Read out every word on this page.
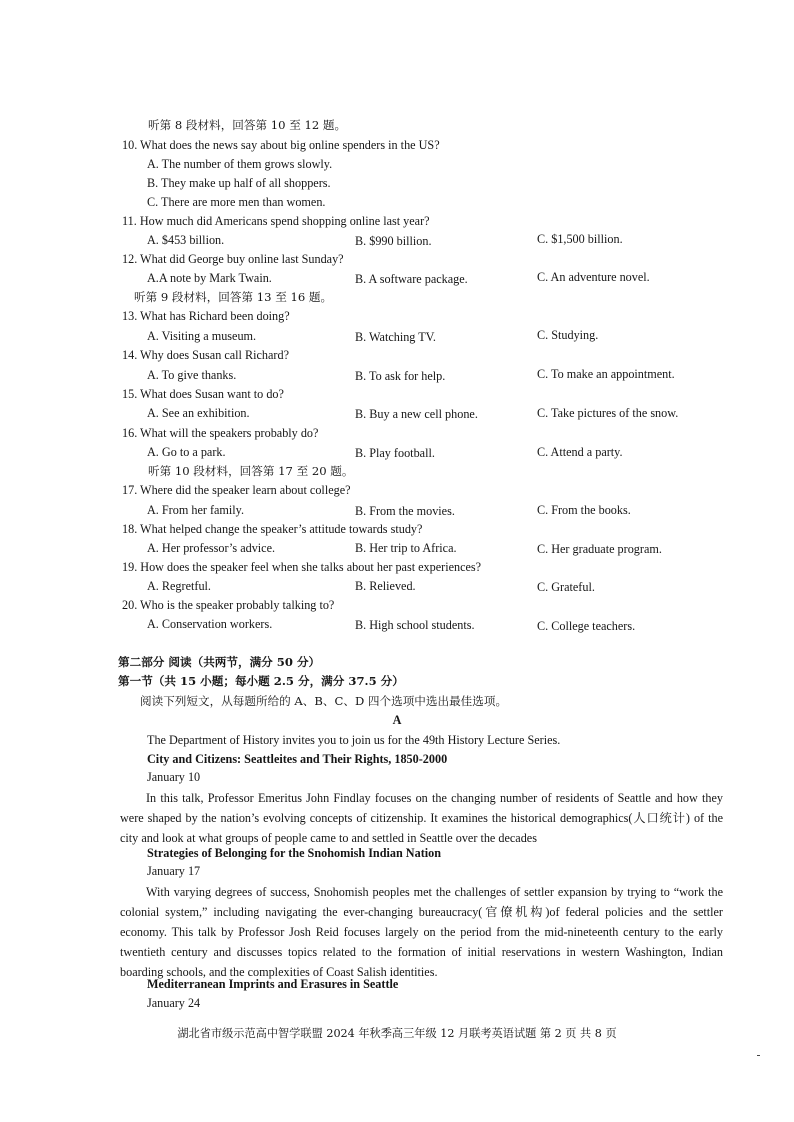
听第 8 段材料，回答第 10 至 12 题。
10. What does the news say about big online spenders in the US?
A. The number of them grows slowly.
B. They make up half of all shoppers.
C. There are more men than women.
11. How much did Americans spend shopping online last year?
A. $453 billion.	B. $990 billion.	C. $1,500 billion.
12. What did George buy online last Sunday?
A.A note by Mark Twain.	B. A software package.	C. An adventure novel.
听第 9 段材料，回答第 13 至 16 题。
13. What has Richard been doing?
A. Visiting a museum.	B. Watching TV.	C. Studying.
14. Why does Susan call Richard?
A. To give thanks.	B. To ask for help.	C. To make an appointment.
15. What does Susan want to do?
A. See an exhibition.	B. Buy a new cell phone.	C. Take pictures of the snow.
16. What will the speakers probably do?
A. Go to a park.	B. Play football.	C. Attend a party.
听第 10 段材料，回答第 17 至 20 题。
17. Where did the speaker learn about college?
A. From her family.	B. From the movies.	C. From the books.
18. What helped change the speaker’s attitude towards study?
A. Her professor’s advice.	B. Her trip to Africa.	C. Her graduate program.
19. How does the speaker feel when she talks about her past experiences?
A. Regretful.	B. Relieved.	C. Grateful.
20. Who is the speaker probably talking to?
A. Conservation workers.	B. High school students.	C. College teachers.
第二部分 阅读（共两节，满分 50 分）
第一节（共 15 小题；每小题 2.5 分，满分 37.5 分）
阅读下列短文，从每题所给的 A、B、C、D 四个选项中选出最佳选项。
A
The Department of History invites you to join us for the 49th History Lecture Series.
City and Citizens: Seattleites and Their Rights, 1850-2000
January 10
In this talk, Professor Emeritus John Findlay focuses on the changing number of residents of Seattle and how they were shaped by the nation’s evolving concepts of citizenship. It examines the historical demographics(人口统计) of the city and look at what groups of people came to and settled in Seattle over the decades
Strategies of Belonging for the Snohomish Indian Nation
January 17
With varying degrees of success, Snohomish peoples met the challenges of settler expansion by trying to “work the colonial system,” including navigating the ever-changing bureaucracy(官僚机构)of federal policies and the settler economy. This talk by Professor Josh Reid focuses largely on the period from the mid-nineteenth century to the early twentieth century and discusses topics related to the formation of initial reservations in western Washington, Indian boarding schools, and the complexities of Coast Salish identities.
Mediterranean Imprints and Erasures in Seattle
January 24
湖北省市级示范高中智学联盟 2024 年秋季高三年级 12 月联考英语试题 第 2 页 共 8 页
